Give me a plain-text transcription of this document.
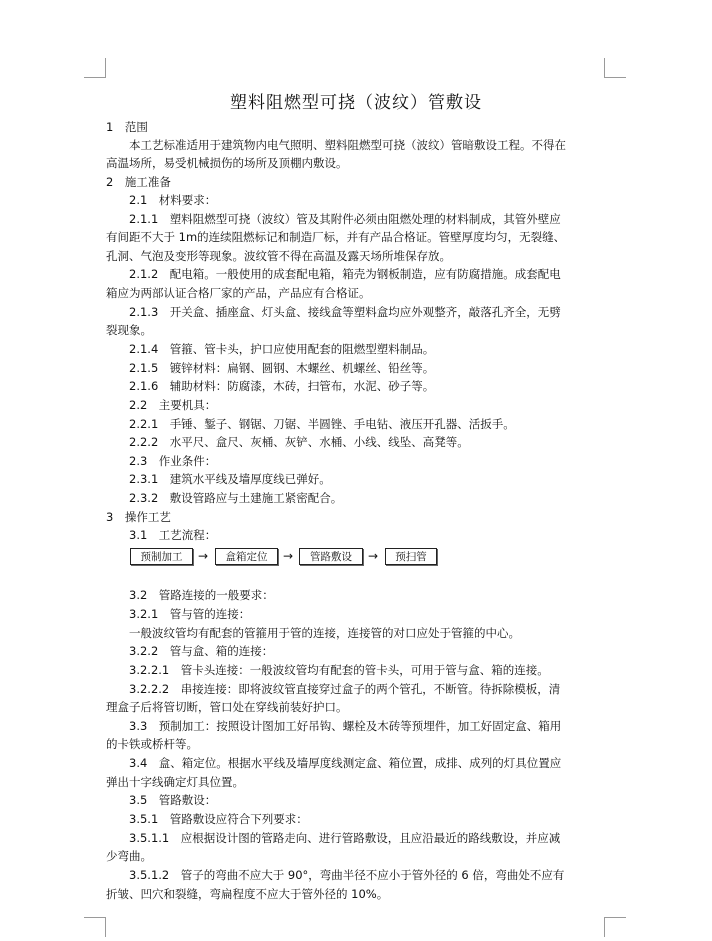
塑料阻燃型可挠（波纹）管敷设
1　范围
本工艺标准适用于建筑物内电气照明、塑料阻燃型可挠（波纹）管暗敷设工程。不得在
高温场所，易受机械损伤的场所及顶棚内敷设。
2　施工准备
2.1　材料要求：
2.1.1　塑料阻燃型可挠（波纹）管及其附件必须由阻燃处理的材料制成，其管外壁应
有间距不大于 1m的连续阻燃标记和制造厂标，并有产品合格证。管壁厚度均匀，无裂缝、
孔洞、气泡及变形等现象。波纹管不得在高温及露天场所堆保存放。
2.1.2　配电箱。一般使用的成套配电箱，箱壳为钢板制造，应有防腐措施。成套配电
箱应为两部认证合格厂家的产品，产品应有合格证。
2.1.3　开关盒、插座盒、灯头盒、接线盒等塑料盒均应外观整齐，敲落孔齐全，无劈
裂现象。
2.1.4　管箍、管卡头，护口应使用配套的阻燃型塑料制品。
2.1.5　镀锌材料：扁钢、圆钢、木螺丝、机螺丝、铅丝等。
2.1.6　辅助材料：防腐漆，木砖，扫管布，水泥、砂子等。
2.2　主要机具：
2.2.1　手锤、錾子、钢锯、刀锯、半圆锉、手电钻、液压开孔器、活扳手。
2.2.2　水平尺、盒尺、灰桶、灰铲、水桶、小线、线坠、高凳等。
2.3　作业条件：
2.3.1　建筑水平线及墙厚度线已弹好。
2.3.2　敷设管路应与土建施工紧密配合。
3　操作工艺
3.1　工艺流程：
预制加工	→	盒箱定位	→	管路敷设	→	预扫管
3.2　管路连接的一般要求：
3.2.1　管与管的连接：
一般波纹管均有配套的管箍用于管的连接，连接管的对口应处于管箍的中心。
3.2.2　管与盒、箱的连接：
3.2.2.1　管卡头连接：一般波纹管均有配套的管卡头，可用于管与盒、箱的连接。
3.2.2.2　串接连接：即将波纹管直接穿过盒子的两个管孔，不断管。待拆除模板，清
理盒子后将管切断，管口处在穿线前装好护口。
3.3　预制加工：按照设计图加工好吊钩、螺栓及木砖等预埋件，加工好固定盒、箱用
的卡铁或桥杆等。
3.4　盒、箱定位。根据水平线及墙厚度线测定盒、箱位置，成排、成列的灯具位置应
弹出十字线确定灯具位置。
3.5　管路敷设：
3.5.1　管路敷设应符合下列要求：
3.5.1.1　应根据设计图的管路走向、进行管路敷设，且应沿最近的路线敷设，并应减
少弯曲。
3.5.1.2　管子的弯曲不应大于 90°，弯曲半径不应小于管外径的 6 倍，弯曲处不应有
折皱、凹穴和裂缝，弯扁程度不应大于管外径的 10%。
